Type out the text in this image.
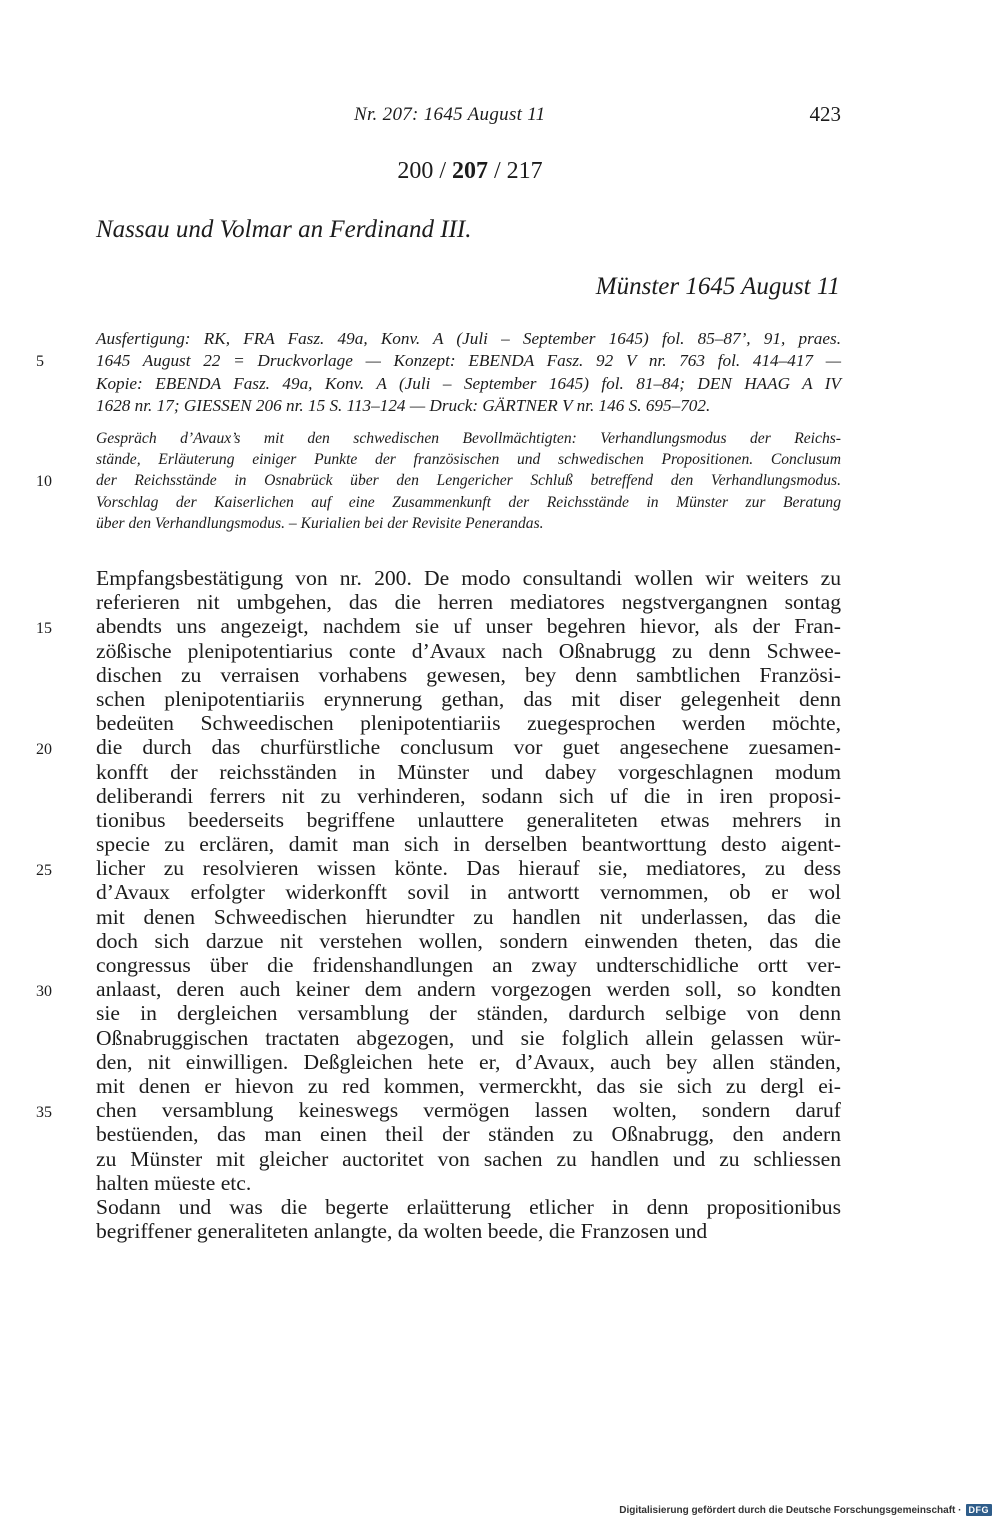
Nr. 207: 1645 August 11	423
200 / 207 / 217
Nassau und Volmar an Ferdinand III.
Münster 1645 August 11
Ausfertigung: RK, FRA Fasz. 49a, Konv. A (Juli – September 1645) fol. 85–87’, 91, praes.
5	1645 August 22 = Druckvorlage — Konzept: EBENDA Fasz. 92 V nr. 763 fol. 414–417 —
Kopie: EBENDA Fasz. 49a, Konv. A (Juli – September 1645) fol. 81–84; DEN HAAG A IV
1628 nr. 17; GIESSEN 206 nr. 15 S. 113–124 — Druck: GÄRTNER V nr. 146 S. 695–702.
Gespräch d’Avaux’s mit den schwedischen Bevollmächtigten: Verhandlungsmodus der Reichs-
stände, Erläuterung einiger Punkte der französischen und schwedischen Propositionen. Conclusum
10	der Reichsstände in Osnabrück über den Lengericher Schluß betreffend den Verhandlungsmodus.
Vorschlag der Kaiserlichen auf eine Zusammenkunft der Reichsstände in Münster zur Beratung
über den Verhandlungsmodus. – Kurialien bei der Revisite Penerandas.
Empfangsbestätigung von nr. 200. De modo consultandi wollen wir weiters zu
referieren nit umbgehen, das die herren mediatores negstvergangnen sontag
15	abendts uns angezeigt, nachdem sie uf unser begehren hievor, als der Fran-
zößische plenipotentiarius conte d’Avaux nach Oßnabrugg zu denn Schwee-
dischen zu verraisen vorhabens gewesen, bey denn sambtlichen Französi-
schen plenipotentiariis erynnerung gethan, das mit diser gelegenheit denn
bedeüten Schweedischen plenipotentiariis zuegesprochen werden möchte,
20	die durch das churfürstliche conclusum vor guet angesechene zuesamen-
konfft der reichsständen in Münster und dabey vorgeschlagnen modum
deliberandi ferrers nit zu verhinderen, sodann sich uf die in iren proposi-
tionibus beederseits begriffene unlauttere generaliteten etwas mehrers in
specie zu erclären, damit man sich in derselben beantworttung desto aigent-
25	licher zu resolvieren wissen könte. Das hierauf sie, mediatores, zu dess
d’Avaux erfolgter widerkonfft sovil in antwortt vernommen, ob er wol
mit denen Schweedischen hierundter zu handlen nit underlassen, das die
doch sich darzue nit verstehen wollen, sondern einwenden theten, das die
congressus über die fridenshandlungen an zway undterschidliche ortt ver-
30	anlaast, deren auch keiner dem andern vorgezogen werden soll, so kondten
sie in dergleichen versamblung der ständen, dardurch selbige von denn
Oßnabruggischen tractaten abgezogen, und sie folglich allein gelassen wür-
den, nit einwilligen. Deßgleichen hete er, d’Avaux, auch bey allen ständen,
mit denen er hievon zu red kommen, vermerckht, das sie sich zu dergl ei-
35	chen versamblung keineswegs vermögen lassen wolten, sondern daruf
bestüenden, das man einen theil der ständen zu Oßnabrugg, den andern
zu Münster mit gleicher auctoritet von sachen zu handlen und zu schliessen
halten müeste etc.
Sodann und was die begerte erlaütterung etlicher in denn propositionibus
begriffener generaliteten anlangte, da wolten beede, die Franzosen und
Digitalisierung gefördert durch die Deutsche Forschungsgemeinschaft · DFG
